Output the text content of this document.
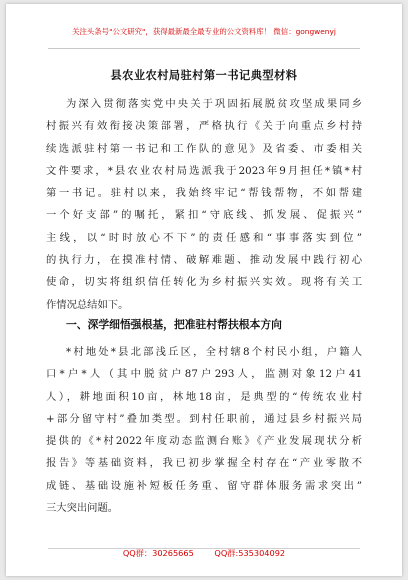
关注头条号"公文研究"，获得最新最全最专业的公文资料库！ 微信：gongwenyj
县农业农村局驻村第一书记典型材料
为深入贯彻落实党中央关于巩固拓展脱贫攻坚成果同乡
村振兴有效衔接决策部署，严格执行《关于向重点乡村持
续选派驻村第一书记和工作队的意见》及省委、市委相关
文件要求，*县农业农村局选派我于2023年9月担任*镇*村
第一书记。驻村以来，我始终牢记“帮钱帮物，不如帮建
一个好支部”的嘱托，紧扣“守底线、抓发展、促振兴”
主线，以“时时放心不下”的责任感和“事事落实到位”
的执行力，在摸准村情、破解难题、推动发展中践行初心
使命，切实将组织信任转化为乡村振兴实效。现将有关工
作情况总结如下。
一、深学细悟强根基，把准驻村帮扶根本方向
*村地处*县北部浅丘区，全村辖8个村民小组，户籍人
口*户*人（其中脱贫户87户293人，监测对象12户41
人），耕地面积10亩，林地18亩，是典型的“传统农业村
+部分留守村”叠加类型。到村任职前，通过县乡村振兴局
提供的《*村2022年度动态监测台账》《产业发展现状分析
报告》等基础资料，我已初步掌握全村存在“产业零散不
成链、基础设施补短板任务重、留守群体服务需求突出”
三大突出问题。
QQ群：30265665	QQ群:535304092
